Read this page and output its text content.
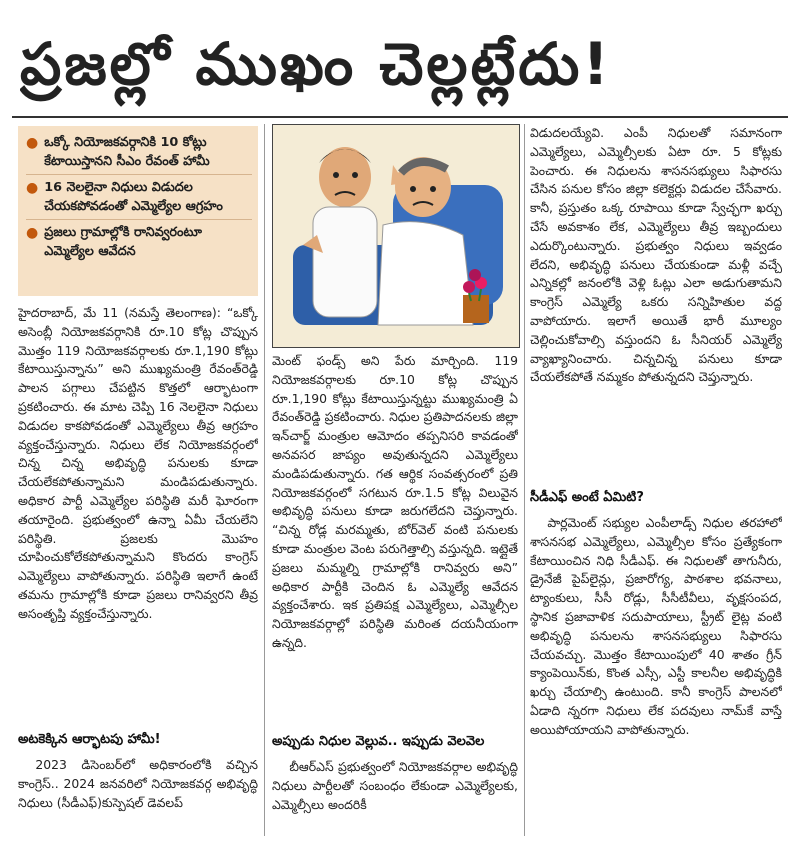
ప్రజల్లో ముఖం చెల్లట్లేదు!
● ఒక్కో నియోజకవర్గానికి 10 కోట్లు కేటాయిస్తానని సీఎం రేవంత్ హామీ
● 16 నెలలైనా నిధులు విడుదల చేయకపోవడంతో ఎమ్మెల్యేల ఆగ్రహం
● ప్రజలు గ్రామాల్లోకి రానివ్వరంటూ ఎమ్మెల్యేల ఆవేదన

హైదరాబాద్, మే 11 (నమస్తే తెలంగాణ): “ఒక్కో అసెంబ్లీ నియోజకవర్గానికి రూ.10 కోట్ల చొప్పున మొత్తం 119 నియోజకవర్గాలకు రూ.1,190 కోట్లు కేటాయిస్తున్నాను” అని ముఖ్యమంత్రి రేవంత్‌రెడ్డి పాలన పగ్గాలు చేపట్టిన కొత్తలో ఆర్భాటంగా ప్రకటించారు. ఈ మాట చెప్పి 16 నెలలైనా నిధులు విడుదల కాకపోవడంతో ఎమ్మెల్యేలు తీవ్ర ఆగ్రహం వ్యక్తంచేస్తున్నారు. నిధులు లేక నియోజకవర్గంలో చిన్న చిన్న అభివృద్ధి పనులకు కూడా చేయలేకపోతున్నామని మండిపడుతున్నారు. అధికార పార్టీ ఎమ్మెల్యేల పరిస్థితి మరీ ఘోరంగా తయారైంది. ప్రభుత్వంలో ఉన్నా ఏమీ చేయలేని పరిస్థితి. ప్రజలకు మొహం చూపించుకోలేకపోతున్నామని కొందరు కాంగ్రెస్ ఎమ్మెల్యేలు వాపోతున్నారు. పరిస్థితి ఇలాగే ఉంటే తమను గ్రామాల్లోకి కూడా ప్రజలు రానివ్వరని తీవ్ర అసంతృప్తి వ్యక్తంచేస్తున్నారు.

అటకెక్కిన ఆర్భాటపు హామీ!

2023 డిసెంబర్‌లో అధికారంలోకి వచ్చిన కాంగ్రెస్.. 2024 జనవరిలో నియోజకవర్గ అభివృద్ధి నిధులు (సీడీఎఫ్)కుస్పెషల్ డెవలప్

మెంట్ ఫండ్స్ అని పేరు మార్చింది. 119 నియోజకవర్గాలకు రూ.10 కోట్ల చొప్పున రూ.1,190 కోట్లు కేటాయిస్తున్నట్టు ముఖ్యమంత్రి ఏ రేవంత్‌రెడ్డి ప్రకటించారు. నిధుల ప్రతిపాదనలకు జిల్లా ఇన్‌చార్జ్ మంత్రుల ఆమోదం తప్పనిసరి కావడంతో అనవసర జాప్యం అవుతున్నదని ఎమ్మెల్యేలు మండిపడుతున్నారు. గత ఆర్థిక సంవత్సరంలో ప్రతి నియోజకవర్గంలో సగటున రూ.1.5 కోట్ల విలువైన అభివృద్ధి పనులు కూడా జరుగలేదని చెప్తున్నారు. “చిన్న రోడ్ల మరమ్మతు, బోర్‌వెల్ వంటి పనులకు కూడా మంత్రుల వెంట పరుగెత్తాల్సి వస్తున్నది. ఇట్లైతే ప్రజలు మమ్మల్ని గ్రామాల్లోకి రానివ్వరు అని” అధికార పార్టీకి చెందిన ఓ ఎమ్మెల్యే ఆవేదన వ్యక్తంచేశారు. ఇక ప్రతిపక్ష ఎమ్మెల్యేలు, ఎమ్మెల్సీల నియోజకవర్గాల్లో పరిస్థితి మరింత దయనీయంగా ఉన్నది.

అప్పుడు నిధుల వెల్లువ.. ఇప్పుడు వెలవెల

బీఆర్‌ఎస్ ప్రభుత్వంలో నియోజకవర్గాల అభివృద్ధి నిధులు పార్టీలతో సంబంధం లేకుండా ఎమ్మెల్యేలకు, ఎమ్మెల్సీలు అందరికీ

విడుదలయ్యేవి. ఎంపీ నిధులతో సమానంగా ఎమ్మెల్యేలు, ఎమ్మెల్సీలకు ఏటా రూ. 5 కోట్లకు పెంచారు. ఈ నిధులను శాసనసభ్యులు సిఫారసు చేసిన పనుల కోసం జిల్లా కలెక్టర్లు విడుదల చేసేవారు. కానీ, ప్రస్తుతం ఒక్క రూపాయి కూడా స్వేచ్ఛగా ఖర్చు చేసే అవకాశం లేక, ఎమ్మెల్యేలు తీవ్ర ఇబ్బందులు ఎదుర్కొంటున్నారు. ప్రభుత్వం నిధులు ఇవ్వడం లేదని, అభివృద్ధి పనులు చేయకుండా మళ్లీ వచ్చే ఎన్నికల్లో జనంలోకి వెళ్లి ఓట్లు ఎలా అడుగుతామని కాంగ్రెస్ ఎమ్మెల్యే ఒకరు సన్నిహితుల వద్ద వాపోయారు. ఇలాగే అయితే భారీ మూల్యం చెల్లించుకోవాల్సి వస్తుందని ఓ సీనియర్ ఎమ్మెల్యే వ్యాఖ్యానించారు. చిన్నచిన్న పనులు కూడా చేయలేకపోతే నమ్మకం పోతున్నదని చెప్తున్నారు.

సీడీఎఫ్ అంటే ఏమిటి?

పార్లమెంట్ సభ్యుల ఎంపీలాడ్స్ నిధుల తరహాలో శాసనసభ ఎమ్మెల్యేలు, ఎమ్మెల్సీల కోసం ప్రత్యేకంగా కేటాయించిన నిధి సీడీఎఫ్. ఈ నిధులతో తాగునీరు, డ్రైనేజీ పైప్‌లైన్లు, ప్రజారోగ్య, పాఠశాల భవనాలు, ట్యాంకులు, సీసీ రోడ్లు, సీసీటీవీలు, వృక్షసంపద, స్థానిక ప్రజావాళిక సదుపాయాలు, స్ట్రీట్ లైట్ల వంటి అభివృద్ధి పనులను శాసనసభ్యులు సిఫారసు చేయవచ్చు. మొత్తం కేటాయింపులో 40 శాతం గ్రీన్ క్యాంపెయిన్‌కు, కొంత ఎస్సీ, ఎస్టీ కాలనీల అభివృద్ధికి ఖర్చు చేయాల్సి ఉంటుంది. కానీ కాంగ్రెస్ పాలనలో ఏడాది న్నరగా నిధులు లేక పదవులు నామ్‌కే వాస్తే అయిపోయాయని వాపోతున్నారు.
